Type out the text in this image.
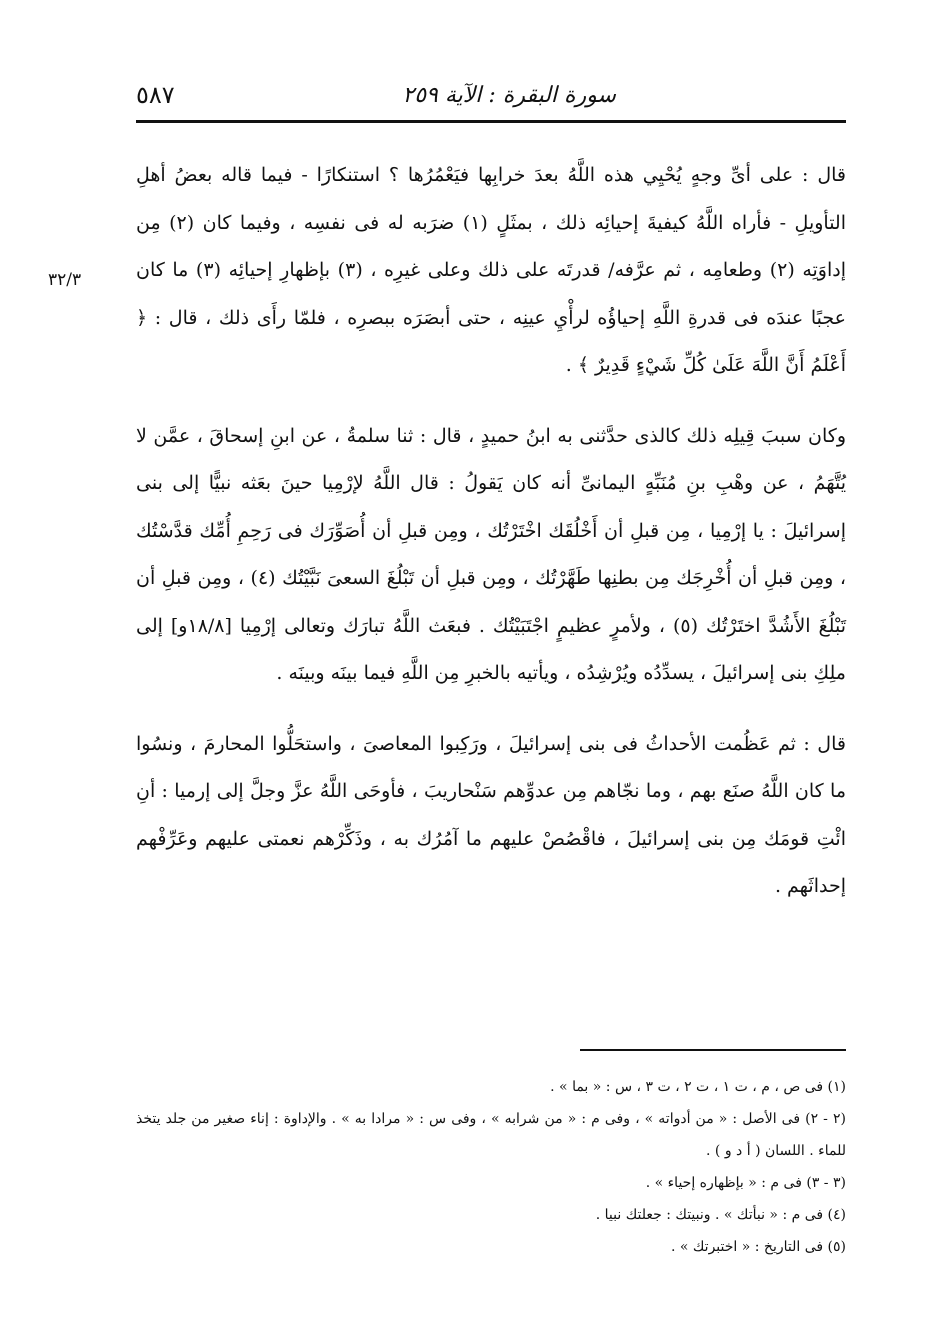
سورة البقرة : الآية ٢٥٩
٥٨٧
٣٢/٣

قال : على أىِّ وجهٍ يُحْيِي هذه اللَّهُ بعدَ خرابِها فيَعْمُرُها ؟ استنكارًا - فيما قاله بعضُ أهلِ التأويلِ - فأراه اللَّهُ كيفيةَ إحيائِه ذلك ، بمثَلٍ (١) ضرَبه له فى نفسِه ، وفيما كان (٢) مِن إداوَتِه (٢) وطعامِه ، ثم عرَّفه/ قدرتَه على ذلك وعلى غيرِه ، (٣) بإظهارِ إحيائِه (٣) ما كان عجبًا عندَه فى قدرةِ اللَّهِ إحياؤُه لرأْيِ عينِه ، حتى أبصَرَه ببصرِه ، فلمّا رأَى ذلك ، قال : ﴿ أَعْلَمُ أَنَّ اللَّهَ عَلَىٰ كُلِّ شَيْءٍ قَدِيرٌ ﴾ .

وكان سببَ قِيلِه ذلك كالذى حدَّثنى به ابنُ حميدٍ ، قال : ثنا سلمةُ ، عن ابنِ إسحاقَ ، عمَّن لا يُتَّهَمُ ، عن وهْبِ بنِ مُنَبِّهٍ اليمانىِّ أنه كان يَقولُ : قال اللَّهُ لإرْمِيا حينَ بعَثه نبيًّا إلى بنى إسرائيلَ : يا إرْمِيا ، مِن قبلِ أن أَخْلُقَك اخْتَرْتُك ، ومِن قبلِ أن أُصَوِّرَك فى رَحِمِ أُمِّك قدَّسْتُك ، ومِن قبلِ أن أُخْرِجَك مِن بطنِها طَهَّرْتُك ، ومِن قبلِ أن تَبْلُغَ السعىَ نَبَّيْتُك (٤) ، ومِن قبلِ أن تَبْلُغَ الأَشُدَّ اختَرْتُك (٥) ، ولأمرٍ عظيمٍ اجْتَبَيْتُك . فبعَث اللَّهُ تبارَك وتعالى إرْمِيا [١٨/٨و] إلى ملِكِ بنى إسرائيلَ ، يسدِّدُه ويُرْشِدُه ، ويأتيه بالخبرِ مِن اللَّهِ فيما بينَه وبينَه .

قال : ثم عَظُمت الأحداثُ فى بنى إسرائيلَ ، ورَكِبوا المعاصىَ ، واستحَلُّوا المحارمَ ، ونسُوا ما كان اللَّهُ صنَع بهم ، وما نجّاهم مِن عدوِّهم سَنْحاريبَ ، فأوحَى اللَّهُ عزَّ وجلَّ إلى إرميا : أنِ ائْتِ قومَك مِن بنى إسرائيلَ ، فاقْصُصْ عليهم ما آمُرُك به ، وذَكِّرْهم نعمتى عليهم وعَرِّفْهم إحداثَهم .

(١) فى ص ، م ، ت ١ ، ت ٢ ، ت ٣ ، س : « بما » .

(٢ - ٢) فى الأصل : « من أدواته » ، وفى م : « من شرابه » ، وفى س : « مرادا به » . والإداوة : إناء صغير من جلد يتخذ للماء . اللسان ( أ د و ) .

(٣ - ٣) فى م : « بإظهاره إحياء » .

(٤) فى م : « نبأتك » . ونبيتك : جعلتك نبيا .

(٥) فى التاريخ : « اختبرتك » .
